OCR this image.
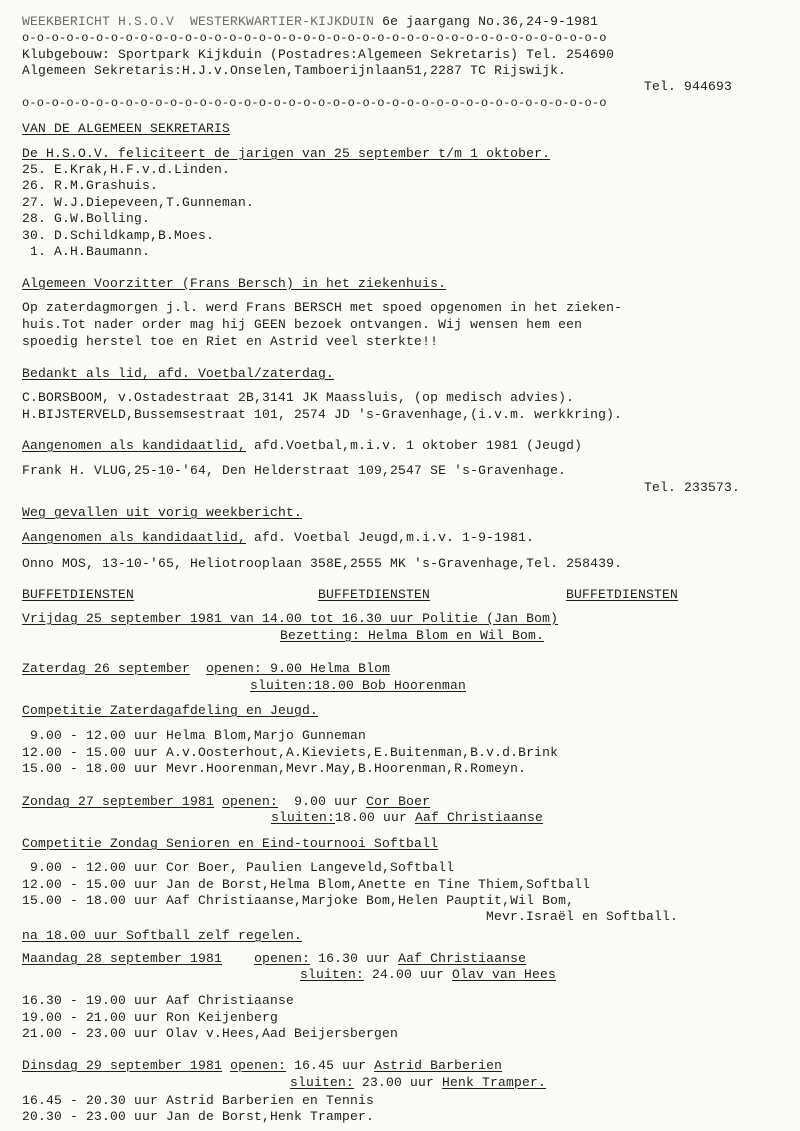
WEEKBERICHT H.S.O.V WESTERKWARTIER-KIJKDUIN 6e jaargang No.36,24-9-1981
o-o-o-o-o-o-o-o-o-o-o-o-o-o-o-o-o-o-o-o-o-o-o-o-o-o-o-o-o-o-o-o-o-o-o-o-o-o-o-o
Klubgebouw: Sportpark Kijkduin (Postadres:Algemeen Sekretaris) Tel. 254690
Algemeen Sekretaris:H.J.v.Onselen,Tamboerijnlaan51,2287 TC Rijswijk.
Tel. 944693
o-o-o-o-o-o-o-o-o-o-o-o-o-o-o-o-o-o-o-o-o-o-o-o-o-o-o-o-o-o-o-o-o-o-o-o-o-o-o-o
VAN DE ALGEMEEN SEKRETARIS
De H.S.O.V. feliciteert de jarigen van 25 september t/m 1 oktober.
25. E.Krak,H.F.v.d.Linden.
26. R.M.Grashuis.
27. W.J.Diepeveen,T.Gunneman.
28. G.W.Bolling.
30. D.Schildkamp,B.Moes.
1. A.H.Baumann.
Algemeen Voorzitter (Frans Bersch) in het ziekenhuis.
Op zaterdagmorgen j.l. werd Frans BERSCH met spoed opgenomen in het zieken-
huis.Tot nader order mag hij GEEN bezoek ontvangen. Wij wensen hem een
spoedig herstel toe en Riet en Astrid veel sterkte!!
Bedankt als lid, afd. Voetbal/zaterdag.
C.BORSBOOM, v.Ostadestraat 2B,3141 JK Maassluis, (op medisch advies).
H.BIJSTERVELD,Bussemsestraat 101, 2574 JD 's-Gravenhage,(i.v.m. werkkring).
Aangenomen als kandidaatlid, afd.Voetbal,m.i.v. 1 oktober 1981 (Jeugd)
Frank H. VLUG,25-10-'64, Den Helderstraat 109,2547 SE 's-Gravenhage.
Tel. 233573.
Weg gevallen uit vorig weekbericht.
Aangenomen als kandidaatlid, afd. Voetbal Jeugd,m.i.v. 1-9-1981.
Onno MOS, 13-10-'65, Heliotrooplaan 358E,2555 MK 's-Gravenhage,Tel. 258439.
BUFFETDIENSTEN	BUFFETDIENSTEN	BUFFETDIENSTEN
Vrijdag 25 september 1981 van 14.00 tot 16.30 uur Politie (Jan Bom)
Bezetting: Helma Blom en Wil Bom.
Zaterdag 26 september openen: 9.00 Helma Blom
sluiten:18.00 Bob Hoorenman
Competitie Zaterdagafdeling en Jeugd.
9.00 - 12.00 uur Helma Blom,Marjo Gunneman
12.00 - 15.00 uur A.v.Oosterhout,A.Kieviets,E.Buitenman,B.v.d.Brink
15.00 - 18.00 uur Mevr.Hoorenman,Mevr.May,B.Hoorenman,R.Romeyn.
Zondag 27 september 1981 openen:  9.00 uur Cor Boer
sluiten:18.00 uur Aaf Christiaanse
Competitie Zondag Senioren en Eind-tournooi Softball
9.00 - 12.00 uur Cor Boer, Paulien Langeveld,Softball
12.00 - 15.00 uur Jan de Borst,Helma Blom,Anette en Tine Thiem,Softball
15.00 - 18.00 uur Aaf Christiaanse,Marjoke Bom,Helen Pauptit,Wil Bom,
Mevr.Israël en Softball.
na 18.00 uur Softball zelf regelen.
Maandag 28 september 1981 openen: 16.30 uur Aaf Christiaanse
sluiten: 24.00 uur Olav van Hees
16.30 - 19.00 uur Aaf Christiaanse
19.00 - 21.00 uur Ron Keijenberg
21.00 - 23.00 uur Olav v.Hees,Aad Beijersbergen
Dinsdag 29 september 1981 openen: 16.45 uur Astrid Barberien
sluiten: 23.00 uur Henk Tramper.
16.45 - 20.30 uur Astrid Barberien en Tennis
20.30 - 23.00 uur Jan de Borst,Henk Tramper.
